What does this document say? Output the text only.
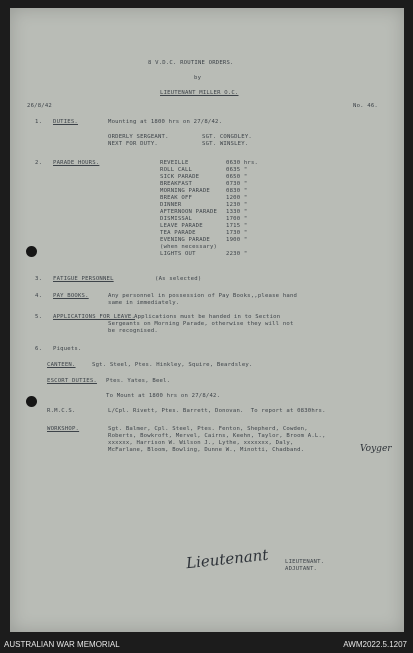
8 V.D.C. ROUTINE ORDERS.
by
LIEUTENANT MILLER O.C.
26/8/42	No. 46.
1. DUTIES.	Mounting at 1800 hrs on 27/8/42.
ORDERLY SERGEANT.	SGT. CONGDLEY.
NEXT FOR DUTY.	SGT. WINSLEY.
2. PARADE HOURS.
3. FATIGUE PERSONNEL	(As selected)
4. PAY BOOKS.	Any personnel in possession of Pay Books,,please hand
same in immediately.
5. APPLICATIONS FOR LEAVE.
Applications must be handed in to Section
Sergeants on Morning Parade, otherwise they will not
be recognised.
6. Piquets.
CANTEEN.	Sgt. Steel, Ptes. Hinkley, Squire, Beardsley.
ESCORT DUTIES. Ptes. Yates, Beel.
To Mount at 1800 hrs on 27/8/42.
R.M.C.S.	L/Cpl. Rivett, Ptes. Barrett, Donovan.  To report at 0830hrs.
WORKSHOP.	Sgt. Balmer, Cpl. Steel, Ptes. Fenton, Shepherd, Cowden,
Roberts, Bowkroft, Mervel, Cairns, Keehn, Taylor, Broom A.L.,
xxxxxx, Harrison W. Wilson J., Lythe, xxxxxxx, Daly,
McFarlane, Bloom, Bowling, Dunne W., Minotti, Chadband.	Voyger
Lieutenant	LIEUTENANT.
ADJUTANT.
REVEILLE	0630 hrs.
ROLL CALL	0635 "
SICK PARADE	0650 "
BREAKFAST	0730 "
MORNING PARADE	0830 "
BREAK OFF	1200 "
DINNER	1230 "
AFTERNOON PARADE 1330 "
DISMISSAL	1700 "
LEAVE PARADE	1715 "
TEA PARADE	1730 "
EVENING PARADE	1900 "
(when necessary)
LIGHTS OUT	2230 "
AUSTRALIAN WAR MEMORIAL	AWM2022.5.1207
